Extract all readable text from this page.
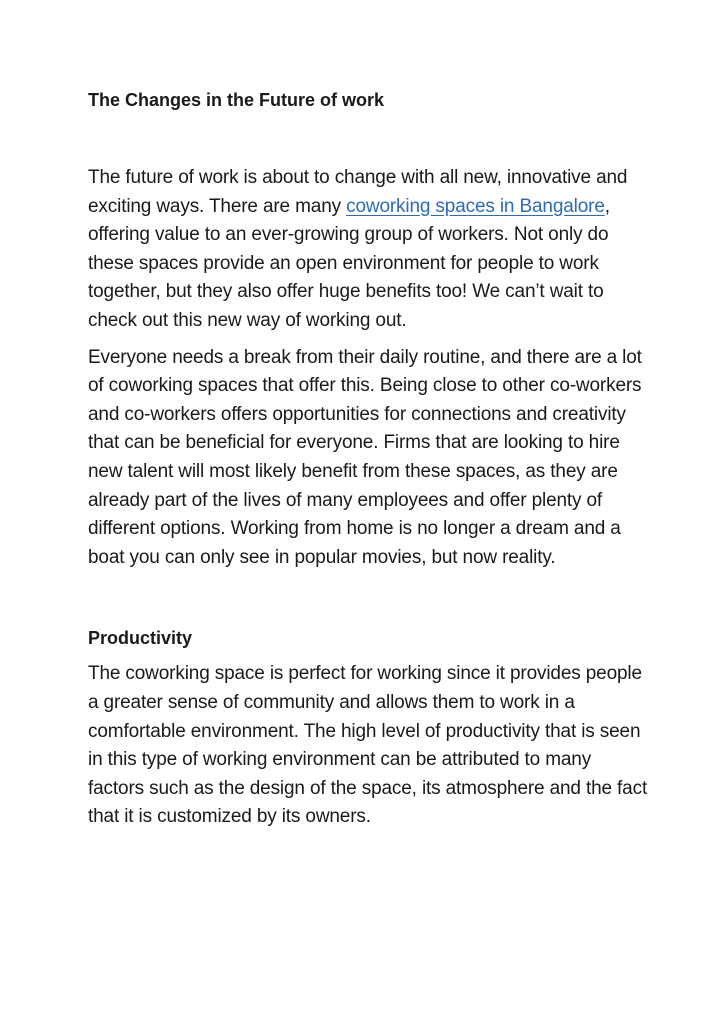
The Changes in the Future of work

The future of work is about to change with all new, innovative and exciting ways. There are many coworking spaces in Bangalore, offering value to an ever-growing group of workers. Not only do these spaces provide an open environment for people to work together, but they also offer huge benefits too! We can’t wait to check out this new way of working out.

Everyone needs a break from their daily routine, and there are a lot of coworking spaces that offer this. Being close to other co-workers and co-workers offers opportunities for connections and creativity that can be beneficial for everyone. Firms that are looking to hire new talent will most likely benefit from these spaces, as they are already part of the lives of many employees and offer plenty of different options. Working from home is no longer a dream and a boat you can only see in popular movies, but now reality.

Productivity

The coworking space is perfect for working since it provides people a greater sense of community and allows them to work in a comfortable environment. The high level of productivity that is seen in this type of working environment can be attributed to many factors such as the design of the space, its atmosphere and the fact that it is customized by its owners.
